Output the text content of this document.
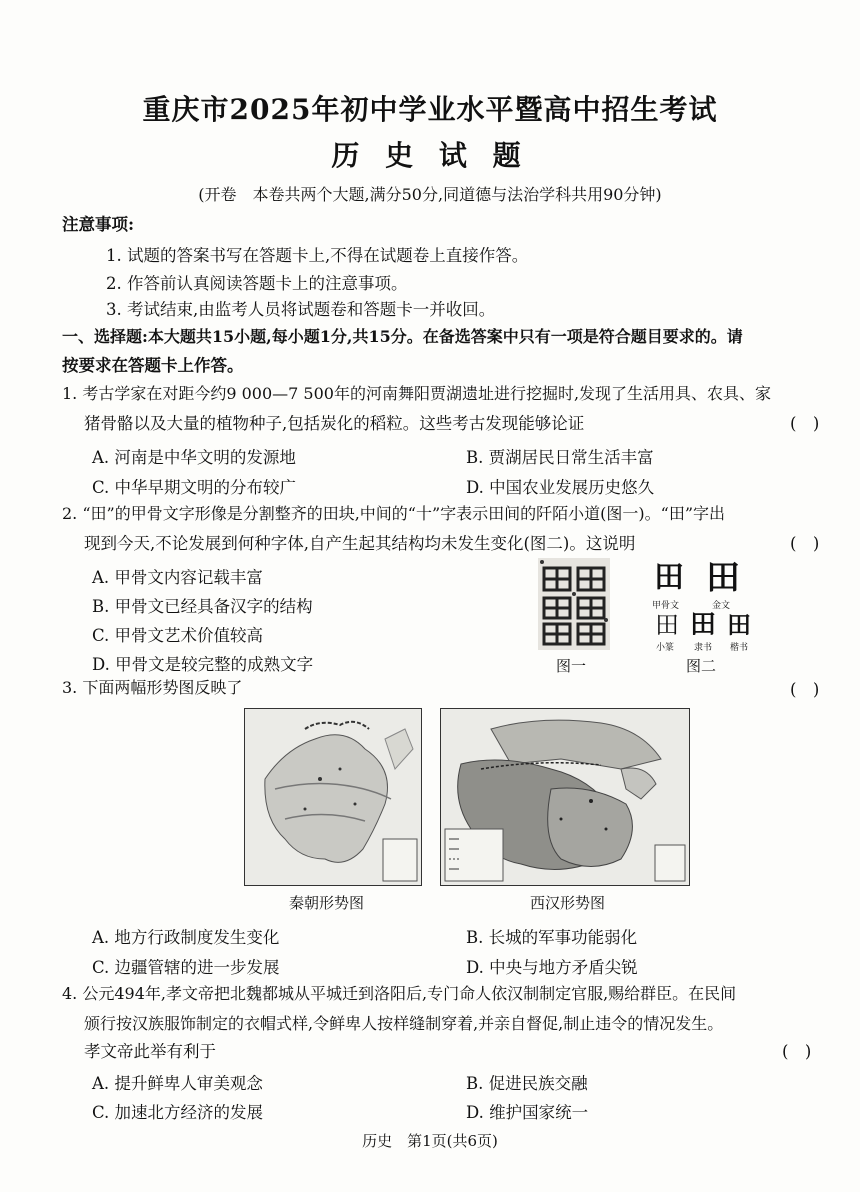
重庆市2025年初中学业水平暨高中招生考试
历 史 试 题
(开卷　本卷共两个大题,满分50分,同道德与法治学科共用90分钟)
注意事项:
1. 试题的答案书写在答题卡上,不得在试题卷上直接作答。
2. 作答前认真阅读答题卡上的注意事项。
3. 考试结束,由监考人员将试题卷和答题卡一并收回。
一、选择题:本大题共15小题,每小题1分,共15分。在备选答案中只有一项是符合题目要求的。请
按要求在答题卡上作答。
1. 考古学家在对距今约9 000—7 500年的河南舞阳贾湖遗址进行挖掘时,发现了生活用具、农具、家
猪骨骼以及大量的植物种子,包括炭化的稻粒。这些考古发现能够论证	(　)
A. 河南是中华文明的发源地	B. 贾湖居民日常生活丰富
C. 中华早期文明的分布较广	D. 中国农业发展历史悠久
2. “田”的甲骨文字形像是分割整齐的田块,中间的“十”字表示田间的阡陌小道(图一)。“田”字出
现到今天,不论发展到何种字体,自产生起其结构均未发生变化(图二)。这说明	(　)
A. 甲骨文内容记载丰富
B. 甲骨文已经具备汉字的结构
C. 甲骨文艺术价值较高
D. 甲骨文是较完整的成熟文字	图一
田 田
甲骨文	金文
田 田 田
小篆 隶书 楷书
图二
3. 下面两幅形势图反映了	(　)
秦朝形势图	西汉形势图
A. 地方行政制度发生变化	B. 长城的军事功能弱化
C. 边疆管辖的进一步发展	D. 中央与地方矛盾尖锐
4. 公元494年,孝文帝把北魏都城从平城迁到洛阳后,专门命人依汉制制定官服,赐给群臣。在民间
颁行按汉族服饰制定的衣帽式样,令鲜卑人按样缝制穿着,并亲自督促,制止违令的情况发生。
孝文帝此举有利于	(　)
A. 提升鲜卑人审美观念	B. 促进民族交融
C. 加速北方经济的发展	D. 维护国家统一
历史　第1页(共6页)
